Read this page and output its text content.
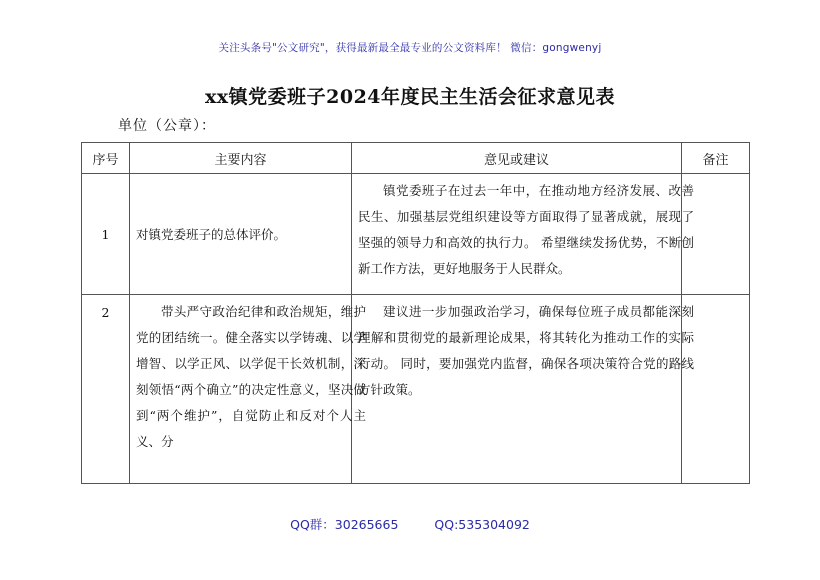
关注头条号"公文研究"，获得最新最全最专业的公文资料库！ 微信：gongwenyj
xx镇党委班子2024年度民主生活会征求意见表
单位（公章）：
序号	主要内容	意见或建议	备注
1	对镇党委班子的总体评价。	镇党委班子在过去一年中，在推动地方经济发展、改善民生、加强基层党组织建设等方面取得了显著成就，展现了坚强的领导力和高效的执行力。 希望继续发扬优势，不断创新工作方法，更好地服务于人民群众。	

2	带头严守政治纪律和政治规矩，维护党的团结统一。健全落实以学铸魂、以学增智、以学正风、以学促干长效机制，深刻领悟“两个确立”的决定性意义，坚决做到“两个维护”，自觉防止和反对个人主义、分	建议进一步加强政治学习，确保每位班子成员都能深刻理解和贯彻党的最新理论成果，将其转化为推动工作的实际行动。 同时，要加强党内监督，确保各项决策符合党的路线方针政策。	

QQ群：30265665	QQ:535304092
